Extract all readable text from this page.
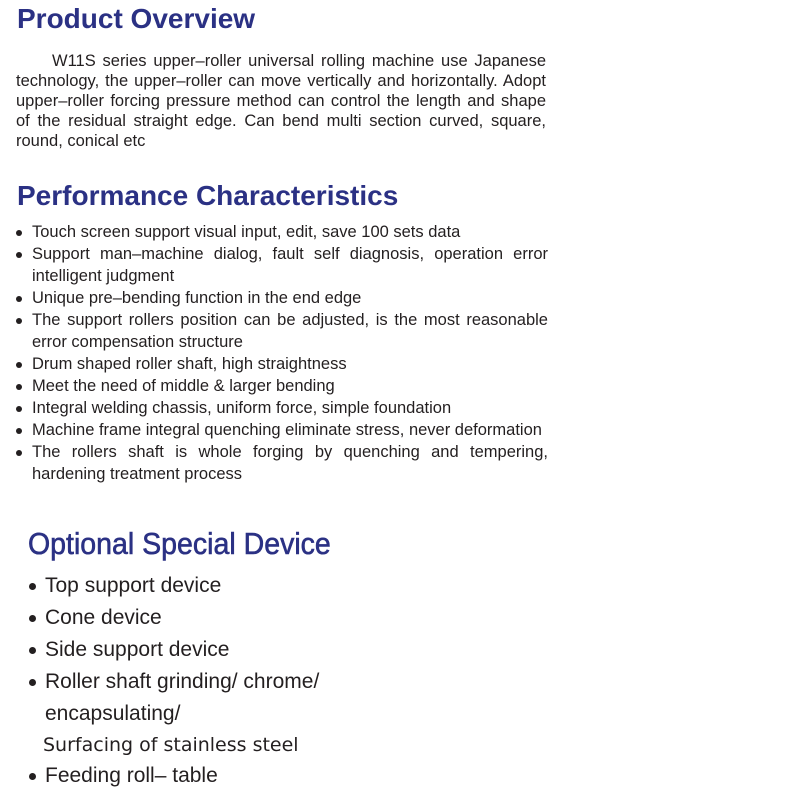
Product Overview

W11S series upper–roller universal rolling machine use Japanese technology, the upper–roller can move vertically and horizontally. Adopt upper–roller forcing pressure method can control the length and shape of the residual straight edge. Can bend multi section curved, square, round, conical etc

Performance Characteristics
Touch screen support visual input, edit, save 100 sets data
Support man–machine dialog, fault self diagnosis, operation error intelligent judgment
Unique pre–bending function in the end edge
The support rollers position can be adjusted, is the most reasonable error compensation structure
Drum shaped roller shaft, high straightness
Meet the need of middle & larger bending
Integral welding chassis, uniform force, simple foundation
Machine frame integral quenching eliminate stress, never deformation
The rollers shaft is whole forging by quenching and tempering, hardening treatment process
Optional Special Device
Top support device
Cone device
Side support device
Roller shaft grinding/ chrome/
encapsulating/
Surfacing of stainless steel
Feeding roll– table
